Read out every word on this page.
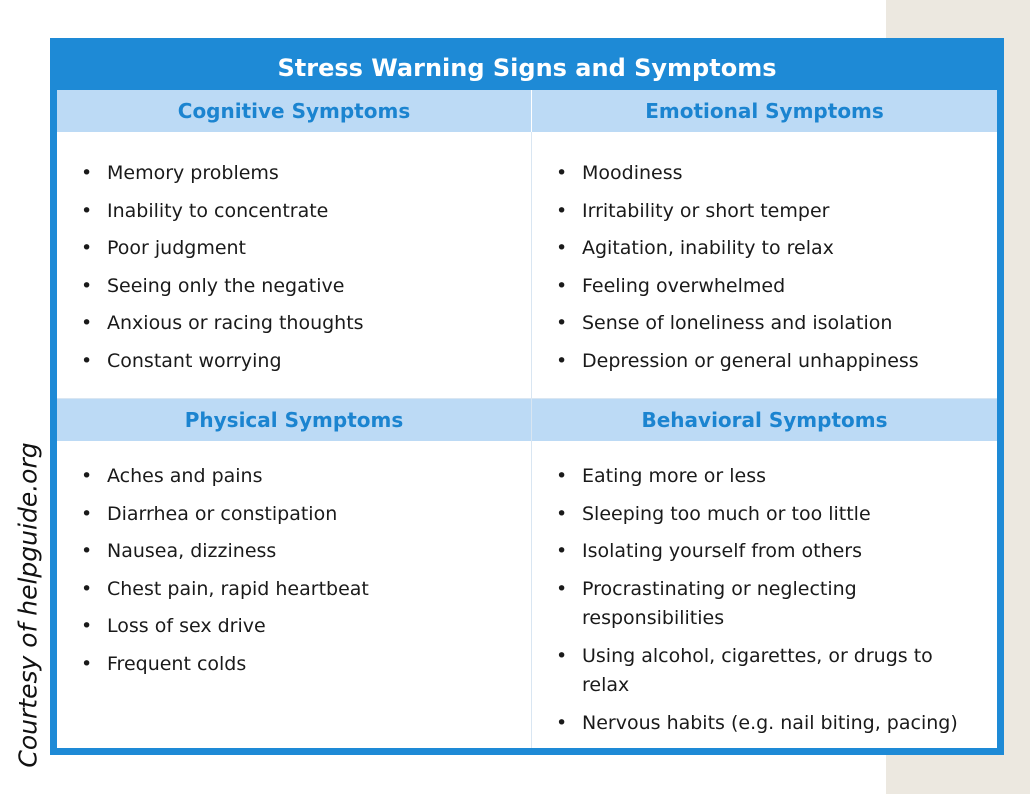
Courtesy of helpguide.org
Stress Warning Signs and Symptoms
Cognitive Symptoms	Emotional Symptoms
• Memory problems
• Inability to concentrate
• Poor judgment
• Seeing only the negative
• Anxious or racing thoughts
• Constant worrying
• Moodiness
• Irritability or short temper
• Agitation, inability to relax
• Feeling overwhelmed
• Sense of loneliness and isolation
• Depression or general unhappiness
Physical Symptoms	Behavioral Symptoms
• Aches and pains
• Diarrhea or constipation
• Nausea, dizziness
• Chest pain, rapid heartbeat
• Loss of sex drive
• Frequent colds
• Eating more or less
• Sleeping too much or too little
• Isolating yourself from others
• Procrastinating or neglecting responsibilities
• Using alcohol, cigarettes, or drugs to relax
• Nervous habits (e.g. nail biting, pacing)
